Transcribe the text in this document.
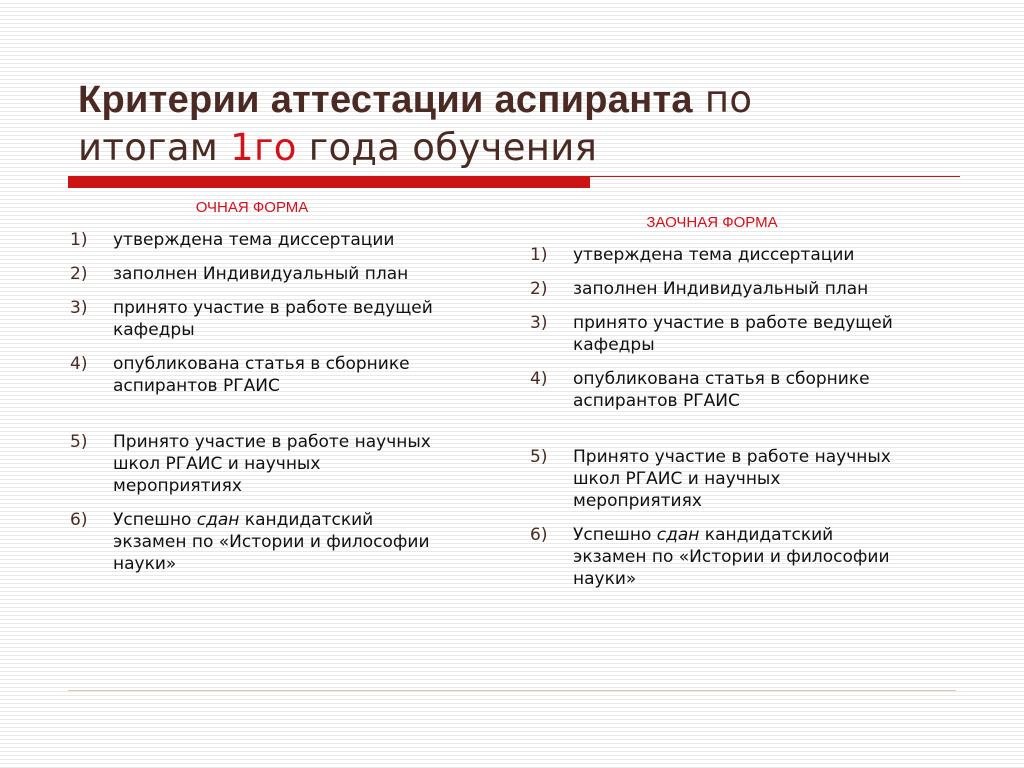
Критерии аттестации аспиранта по
итогам 1го года обучения
ОЧНАЯ ФОРМА
1)	утверждена тема диссертации
2)	заполнен Индивидуальный план
3)	принято участие в работе ведущей кафедры
4)	опубликована статья в сборнике аспирантов РГАИС
5)	Принято участие в работе научных школ РГАИС и научных мероприятиях
6)	Успешно сдан кандидатский экзамен по «Истории и философии науки»
ЗАОЧНАЯ ФОРМА
1)	утверждена тема диссертации
2)	заполнен Индивидуальный план
3)	принято участие в работе ведущей кафедры
4)	опубликована статья в сборнике аспирантов РГАИС
5)	Принято участие в работе научных школ РГАИС и научных мероприятиях
6)	Успешно сдан кандидатский экзамен по «Истории и философии науки»
